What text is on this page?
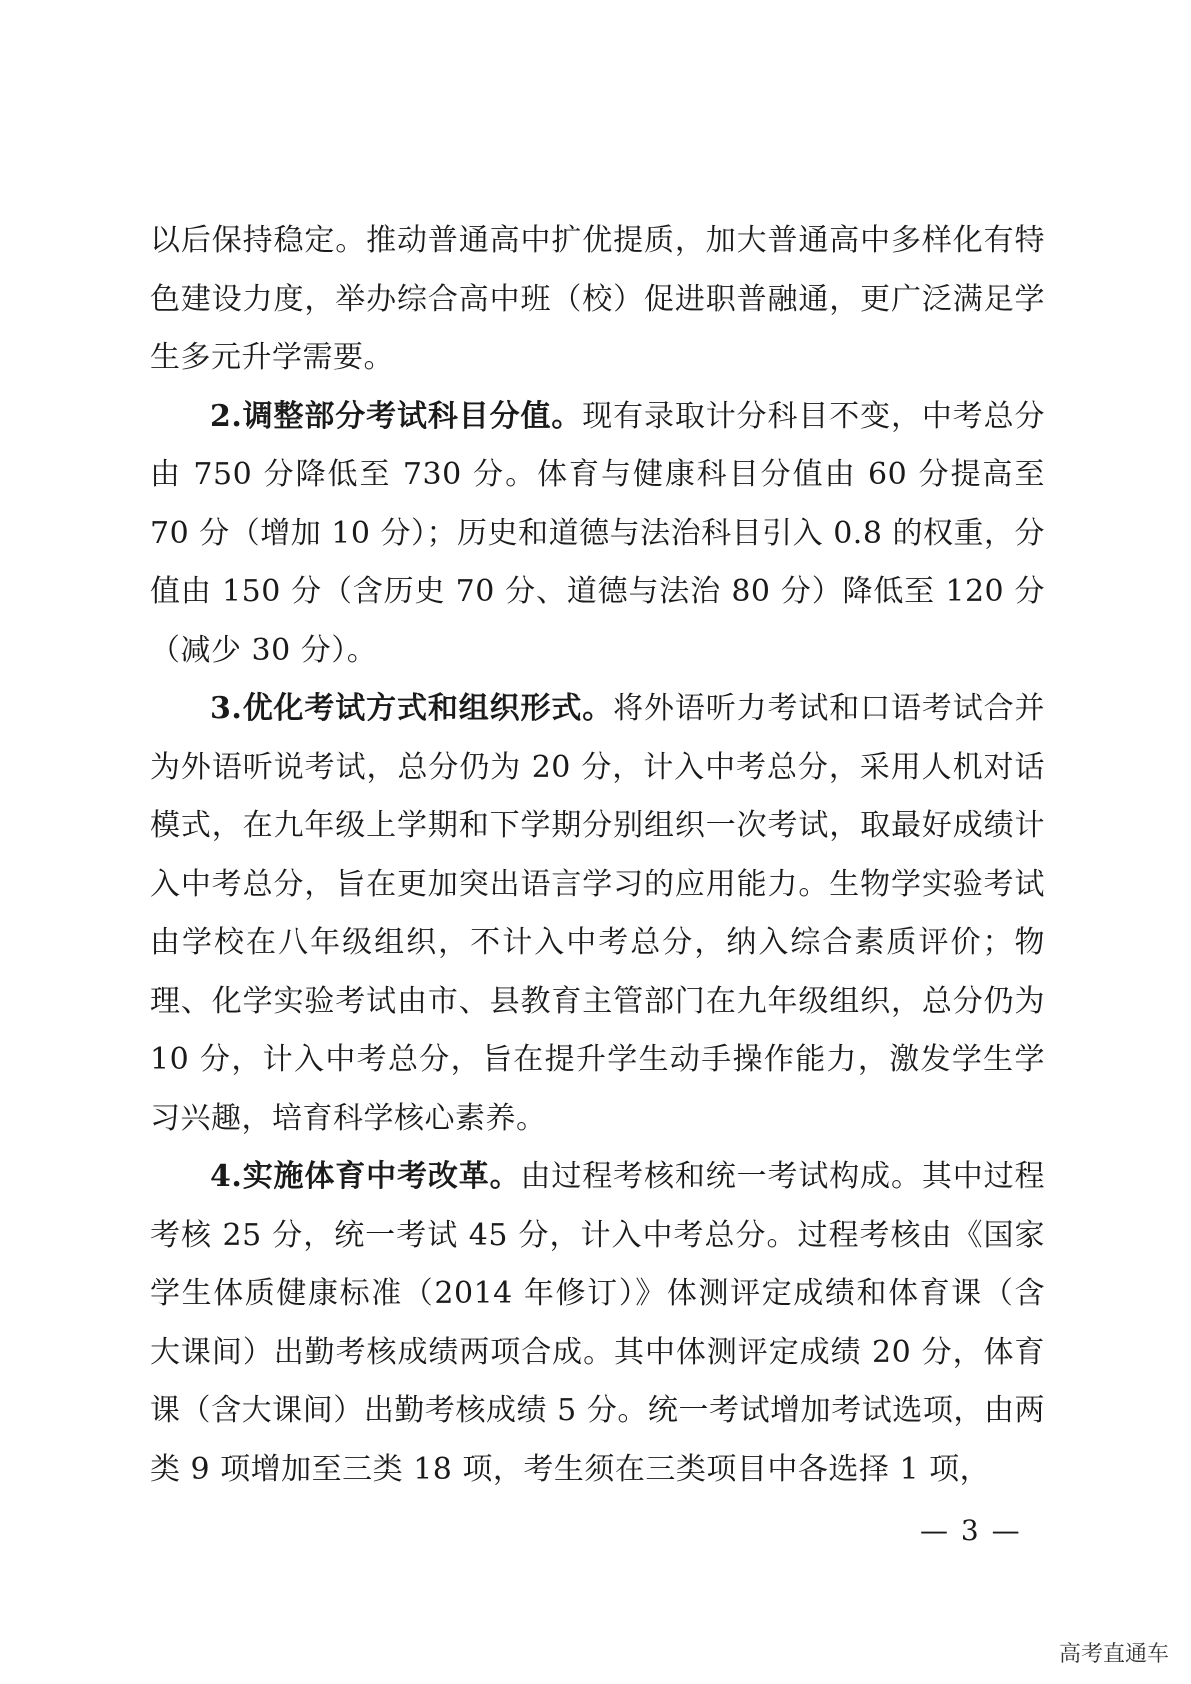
以后保持稳定。推动普通高中扩优提质，加大普通高中多样化有特色建设力度，举办综合高中班（校）促进职普融通，更广泛满足学生多元升学需要。

2.调整部分考试科目分值。现有录取计分科目不变，中考总分由 750 分降低至 730 分。体育与健康科目分值由 60 分提高至 70 分（增加 10 分）；历史和道德与法治科目引入 0.8 的权重，分值由 150 分（含历史 70 分、道德与法治 80 分）降低至 120 分（减少 30 分）。

3.优化考试方式和组织形式。将外语听力考试和口语考试合并为外语听说考试，总分仍为 20 分，计入中考总分，采用人机对话模式，在九年级上学期和下学期分别组织一次考试，取最好成绩计入中考总分，旨在更加突出语言学习的应用能力。生物学实验考试由学校在八年级组织，不计入中考总分，纳入综合素质评价；物理、化学实验考试由市、县教育主管部门在九年级组织，总分仍为 10 分，计入中考总分，旨在提升学生动手操作能力，激发学生学习兴趣，培育科学核心素养。

4.实施体育中考改革。由过程考核和统一考试构成。其中过程考核 25 分，统一考试 45 分，计入中考总分。过程考核由《国家学生体质健康标准（2014 年修订）》体测评定成绩和体育课（含大课间）出勤考核成绩两项合成。其中体测评定成绩 20 分，体育课（含大课间）出勤考核成绩 5 分。统一考试增加考试选项，由两类 9 项增加至三类 18 项，考生须在三类项目中各选择 1 项，

— 3 —
高考直通车
